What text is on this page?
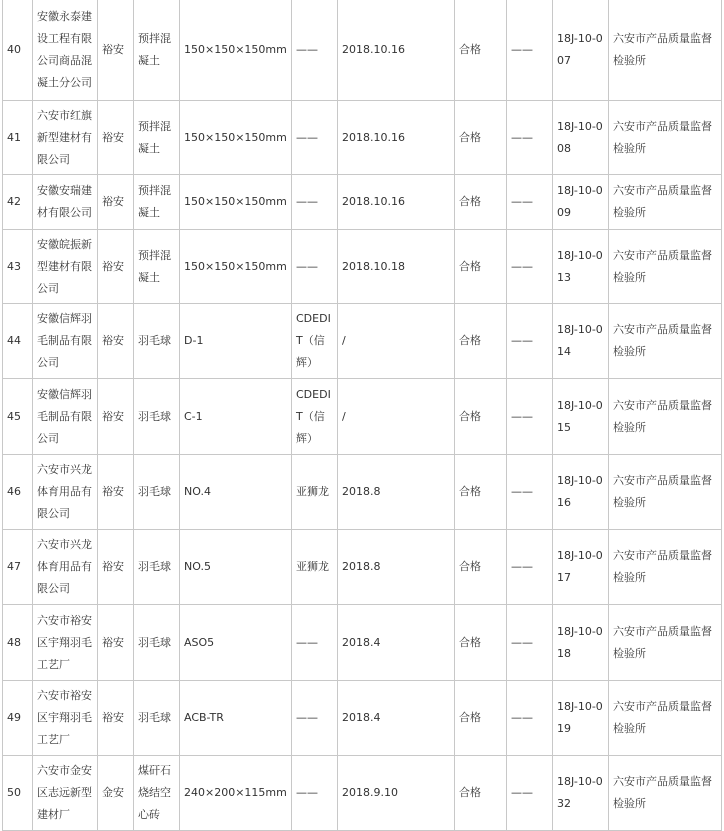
40	安徽永泰建设工程有限公司商品混凝土分公司	裕安	预拌混凝土	150×150×150mm	——	2018.10.16	合格	——	18J-10-007	六安市产品质量监督检验所
41	六安市红旗新型建材有限公司	裕安	预拌混凝土	150×150×150mm	——	2018.10.16	合格	——	18J-10-008	六安市产品质量监督检验所
42	安徽安瑞建材有限公司	裕安	预拌混凝土	150×150×150mm	——	2018.10.16	合格	——	18J-10-009	六安市产品质量监督检验所
43	安徽皖振新型建材有限公司	裕安	预拌混凝土	150×150×150mm	——	2018.10.18	合格	——	18J-10-013	六安市产品质量监督检验所
44	安徽信辉羽毛制品有限公司	裕安	羽毛球	D-1	CDEDIT（信辉）	/	合格	——	18J-10-014	六安市产品质量监督检验所
45	安徽信辉羽毛制品有限公司	裕安	羽毛球	C-1	CDEDIT（信辉）	/	合格	——	18J-10-015	六安市产品质量监督检验所
46	六安市兴龙体育用品有限公司	裕安	羽毛球	NO.4	亚狮龙	2018.8	合格	——	18J-10-016	六安市产品质量监督检验所
47	六安市兴龙体育用品有限公司	裕安	羽毛球	NO.5	亚狮龙	2018.8	合格	——	18J-10-017	六安市产品质量监督检验所
48	六安市裕安区宇翔羽毛工艺厂	裕安	羽毛球	ASO5	——	2018.4	合格	——	18J-10-018	六安市产品质量监督检验所
49	六安市裕安区宇翔羽毛工艺厂	裕安	羽毛球	ACB-TR	——	2018.4	合格	——	18J-10-019	六安市产品质量监督检验所
50	六安市金安区志远新型建材厂	金安	煤矸石烧结空心砖	240×200×115mm	——	2018.9.10	合格	——	18J-10-032	六安市产品质量监督检验所
